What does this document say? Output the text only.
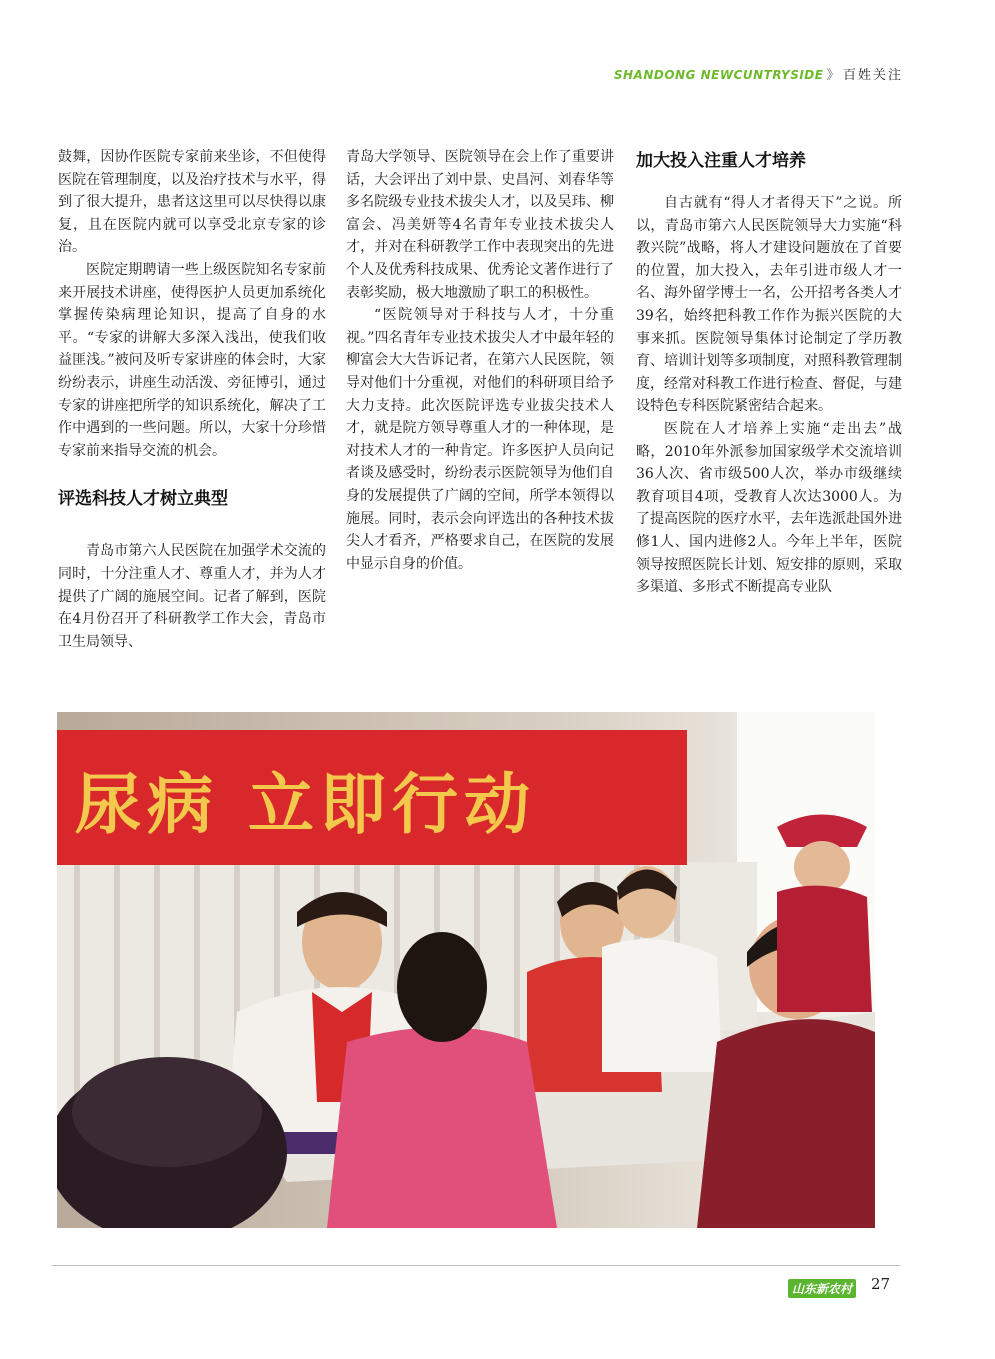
SHANDONG NEWCUNTRYSIDE 》 百姓关注

鼓舞，因协作医院专家前来坐诊，不但使得医院在管理制度，以及治疗技术与水平，得到了很大提升，患者这这里可以尽快得以康复，且在医院内就可以享受北京专家的诊治。

医院定期聘请一些上级医院知名专家前来开展技术讲座，使得医护人员更加系统化掌握传染病理论知识，提高了自身的水平。“专家的讲解大多深入浅出，使我们收益匪浅。”被问及听专家讲座的体会时，大家纷纷表示，讲座生动活泼、旁征博引，通过专家的讲座把所学的知识系统化，解决了工作中遇到的一些问题。所以，大家十分珍惜专家前来指导交流的机会。

评选科技人才树立典型

青岛市第六人民医院在加强学术交流的同时，十分注重人才、尊重人才，并为人才提供了广阔的施展空间。记者了解到，医院在4月份召开了科研教学工作大会，青岛市卫生局领导、

青岛大学领导、医院领导在会上作了重要讲话，大会评出了刘中景、史昌河、刘春华等多名院级专业技术拔尖人才，以及吴玮、柳富会、冯美妍等4名青年专业技术拔尖人才，并对在科研教学工作中表现突出的先进个人及优秀科技成果、优秀论文著作进行了表彰奖励，极大地激励了职工的积极性。

“医院领导对于科技与人才，十分重视。”四名青年专业技术拔尖人才中最年轻的柳富会大大告诉记者，在第六人民医院，领导对他们十分重视，对他们的科研项目给予大力支持。此次医院评选专业拔尖技术人才，就是院方领导尊重人才的一种体现，是对技术人才的一种肯定。许多医护人员向记者谈及感受时，纷纷表示医院领导为他们自身的发展提供了广阔的空间，所学本领得以施展。同时，表示会向评选出的各种技术拔尖人才看齐，严格要求自己，在医院的发展中显示自身的价值。

加大投入注重人才培养

自古就有“得人才者得天下”之说。所以，青岛市第六人民医院领导大力实施“科教兴院”战略，将人才建设问题放在了首要的位置，加大投入，去年引进市级人才一名、海外留学博士一名，公开招考各类人才39名，始终把科教工作作为振兴医院的大事来抓。医院领导集体讨论制定了学历教育、培训计划等多项制度，对照科教管理制度，经常对科教工作进行检查、督促，与建设特色专科医院紧密结合起来。

医院在人才培养上实施“走出去”战略，2010年外派参加国家级学术交流培训36人次、省市级500人次，举办市级继续教育项目4项，受教育人次达3000人。为了提高医院的医疗水平，去年选派赴国外进修1人、国内进修2人。今年上半年，医院领导按照医院长计划、短安排的原则，采取多渠道、多形式不断提高专业队

尿病 立即行动
山东新农村 27
